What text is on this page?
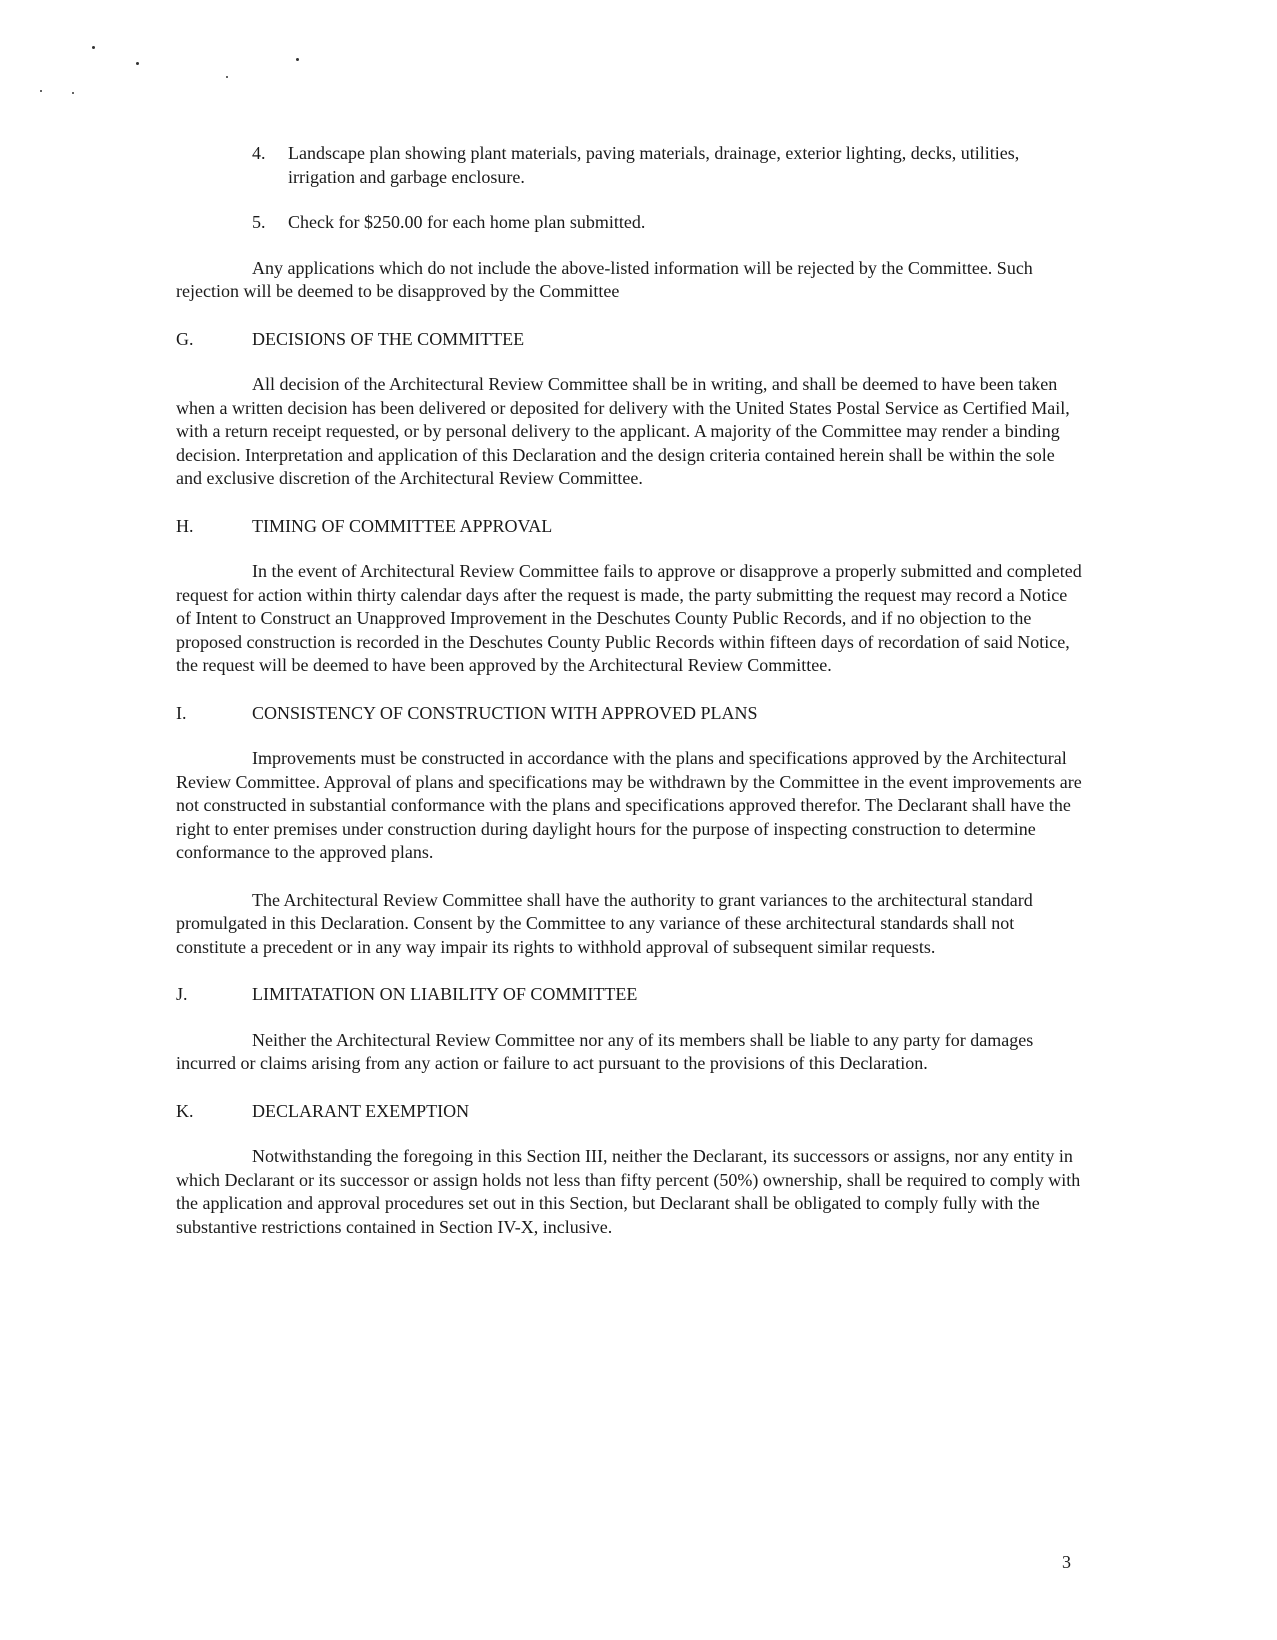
4. Landscape plan showing plant materials, paving materials, drainage, exterior lighting, decks, utilities, irrigation and garbage enclosure.
5. Check for $250.00 for each home plan submitted.

Any applications which do not include the above-listed information will be rejected by the Committee. Such rejection will be deemed to be disapproved by the Committee

G.	DECISIONS OF THE COMMITTEE

All decision of the Architectural Review Committee shall be in writing, and shall be deemed to have been taken when a written decision has been delivered or deposited for delivery with the United States Postal Service as Certified Mail, with a return receipt requested, or by personal delivery to the applicant. A majority of the Committee may render a binding decision. Interpretation and application of this Declaration and the design criteria contained herein shall be within the sole and exclusive discretion of the Architectural Review Committee.

H.	TIMING OF COMMITTEE APPROVAL

In the event of Architectural Review Committee fails to approve or disapprove a properly submitted and completed request for action within thirty calendar days after the request is made, the party submitting the request may record a Notice of Intent to Construct an Unapproved Improvement in the Deschutes County Public Records, and if no objection to the proposed construction is recorded in the Deschutes County Public Records within fifteen days of recordation of said Notice, the request will be deemed to have been approved by the Architectural Review Committee.

I.	CONSISTENCY OF CONSTRUCTION WITH APPROVED PLANS

Improvements must be constructed in accordance with the plans and specifications approved by the Architectural Review Committee. Approval of plans and specifications may be withdrawn by the Committee in the event improvements are not constructed in substantial conformance with the plans and specifications approved therefor. The Declarant shall have the right to enter premises under construction during daylight hours for the purpose of inspecting construction to determine conformance to the approved plans.

The Architectural Review Committee shall have the authority to grant variances to the architectural standard promulgated in this Declaration. Consent by the Committee to any variance of these architectural standards shall not constitute a precedent or in any way impair its rights to withhold approval of subsequent similar requests.

J.	LIMITATATION ON LIABILITY OF COMMITTEE

Neither the Architectural Review Committee nor any of its members shall be liable to any party for damages incurred or claims arising from any action or failure to act pursuant to the provisions of this Declaration.

K.	DECLARANT EXEMPTION

Notwithstanding the foregoing in this Section III, neither the Declarant, its successors or assigns, nor any entity in which Declarant or its successor or assign holds not less than fifty percent (50%) ownership, shall be required to comply with the application and approval procedures set out in this Section, but Declarant shall be obligated to comply fully with the substantive restrictions contained in Section IV-X, inclusive.

3
